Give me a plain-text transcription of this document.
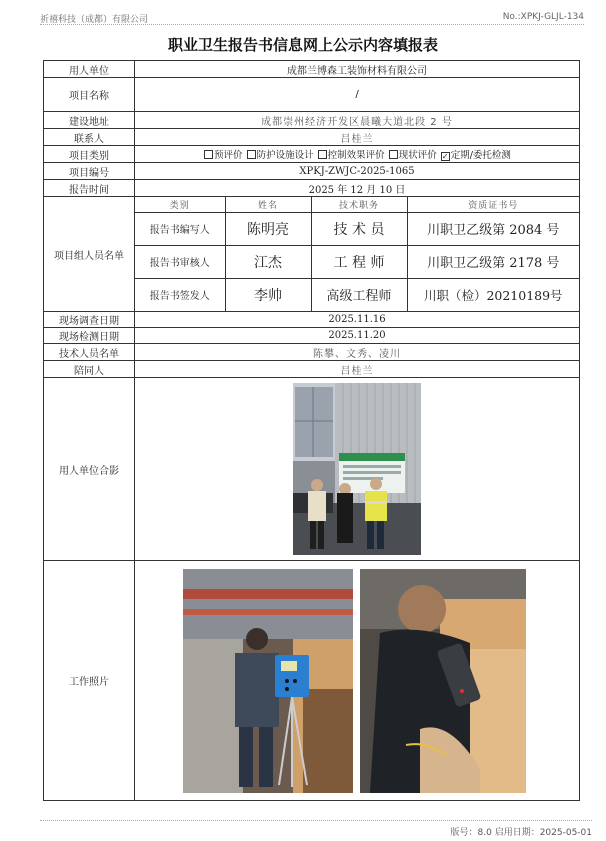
祈禧科技（成都）有限公司	No.:XPKJ-GLJL-134
职业卫生报告书信息网上公示内容填报表
用人单位	成都兰博森工装饰材料有限公司
项目名称	/
建设地址	成都崇州经济开发区晨曦大道北段 2 号
联系人	吕桂兰
项目类别	预评价 防护设施设计 控制效果评价 现状评价 ✓ 定期/委托检测
项目编号	XPKJ-ZWJC-2025-1065
报告时间	2025 年 12 月 10 日
项目组人员名单	
类别	姓名	技术职务	资质证书号
报告书编写人	陈明亮	技 术 员	川职卫乙级第 2084 号
报告书审核人	江杰	工 程 师	川职卫乙级第 2178 号
报告书签发人	李帅	高级工程师	川职（检）20210189号

现场调查日期	2025.11.16
现场检测日期	2025.11.20
技术人员名单	陈攀、文秀、凌川
陪同人	吕桂兰
用人单位合影	
工作照片	
版号：8.0 启用日期：2025-05-01
